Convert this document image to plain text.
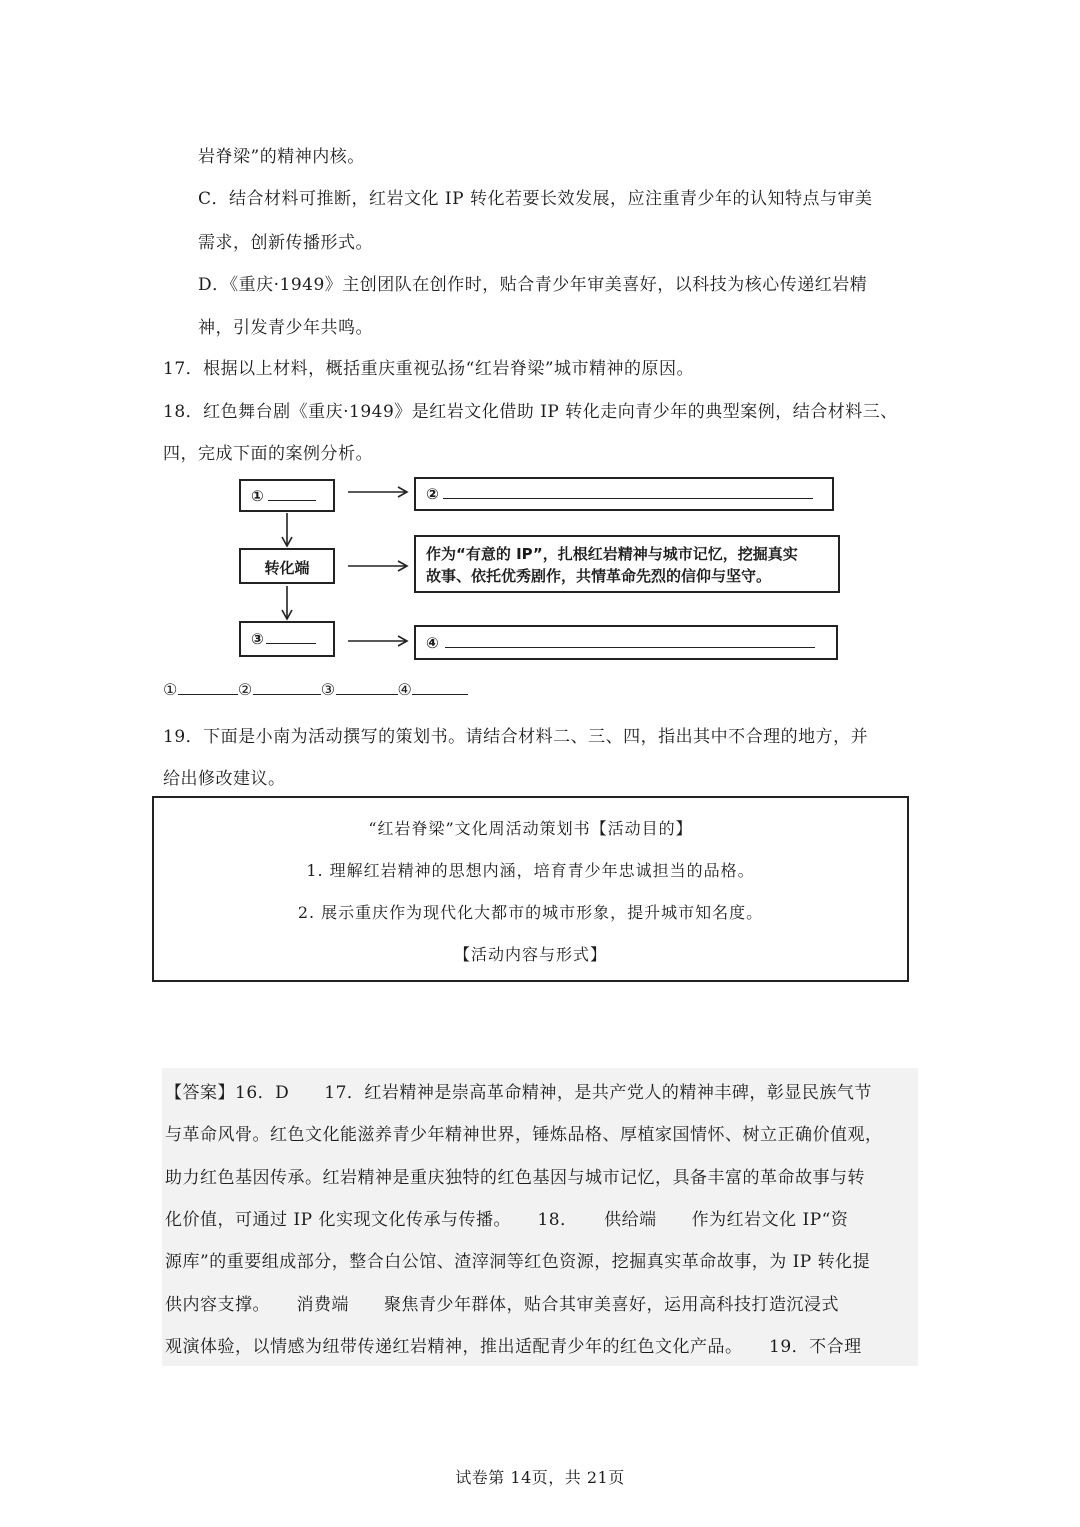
岩脊梁”的精神内核。
C．结合材料可推断，红岩文化 IP 转化若要长效发展，应注重青少年的认知特点与审美
需求，创新传播形式。
D．《重庆·1949》主创团队在创作时，贴合青少年审美喜好，以科技为核心传递红岩精
神，引发青少年共鸣。
17．根据以上材料，概括重庆重视弘扬“红岩脊梁”城市精神的原因。
18．红色舞台剧《重庆·1949》是红岩文化借助 IP 转化走向青少年的典型案例，结合材料三、
四，完成下面的案例分析。
①	②
转化端
作为“有意的 IP”，扎根红岩精神与城市记忆，挖掘真实
故事、依托优秀剧作，共情革命先烈的信仰与坚守。
③	④
①	②	③	④
19．下面是小南为活动撰写的策划书。请结合材料二、三、四，指出其中不合理的地方，并
给出修改建议。
“红岩脊梁”文化周活动策划书【活动目的】
1. 理解红岩精神的思想内涵，培育青少年忠诚担当的品格。
2. 展示重庆作为现代化大都市的城市形象，提升城市知名度。
【活动内容与形式】
【答案】16．D　　17．红岩精神是崇高革命精神，是共产党人的精神丰碑，彰显民族气节
与革命风骨。红色文化能滋养青少年精神世界，锤炼品格、厚植家国情怀、树立正确价值观，
助力红色基因传承。红岩精神是重庆独特的红色基因与城市记忆，具备丰富的革命故事与转
化价值，可通过 IP 化实现文化传承与传播。　　18．　　供给端　　作为红岩文化 IP“资
源库”的重要组成部分，整合白公馆、渣滓洞等红色资源，挖掘真实革命故事，为 IP 转化提
供内容支撑。　　消费端　　聚焦青少年群体，贴合其审美喜好，运用高科技打造沉浸式
观演体验，以情感为纽带传递红岩精神，推出适配青少年的红色文化产品。　　19．不合理
试卷第 14页，共 21页
